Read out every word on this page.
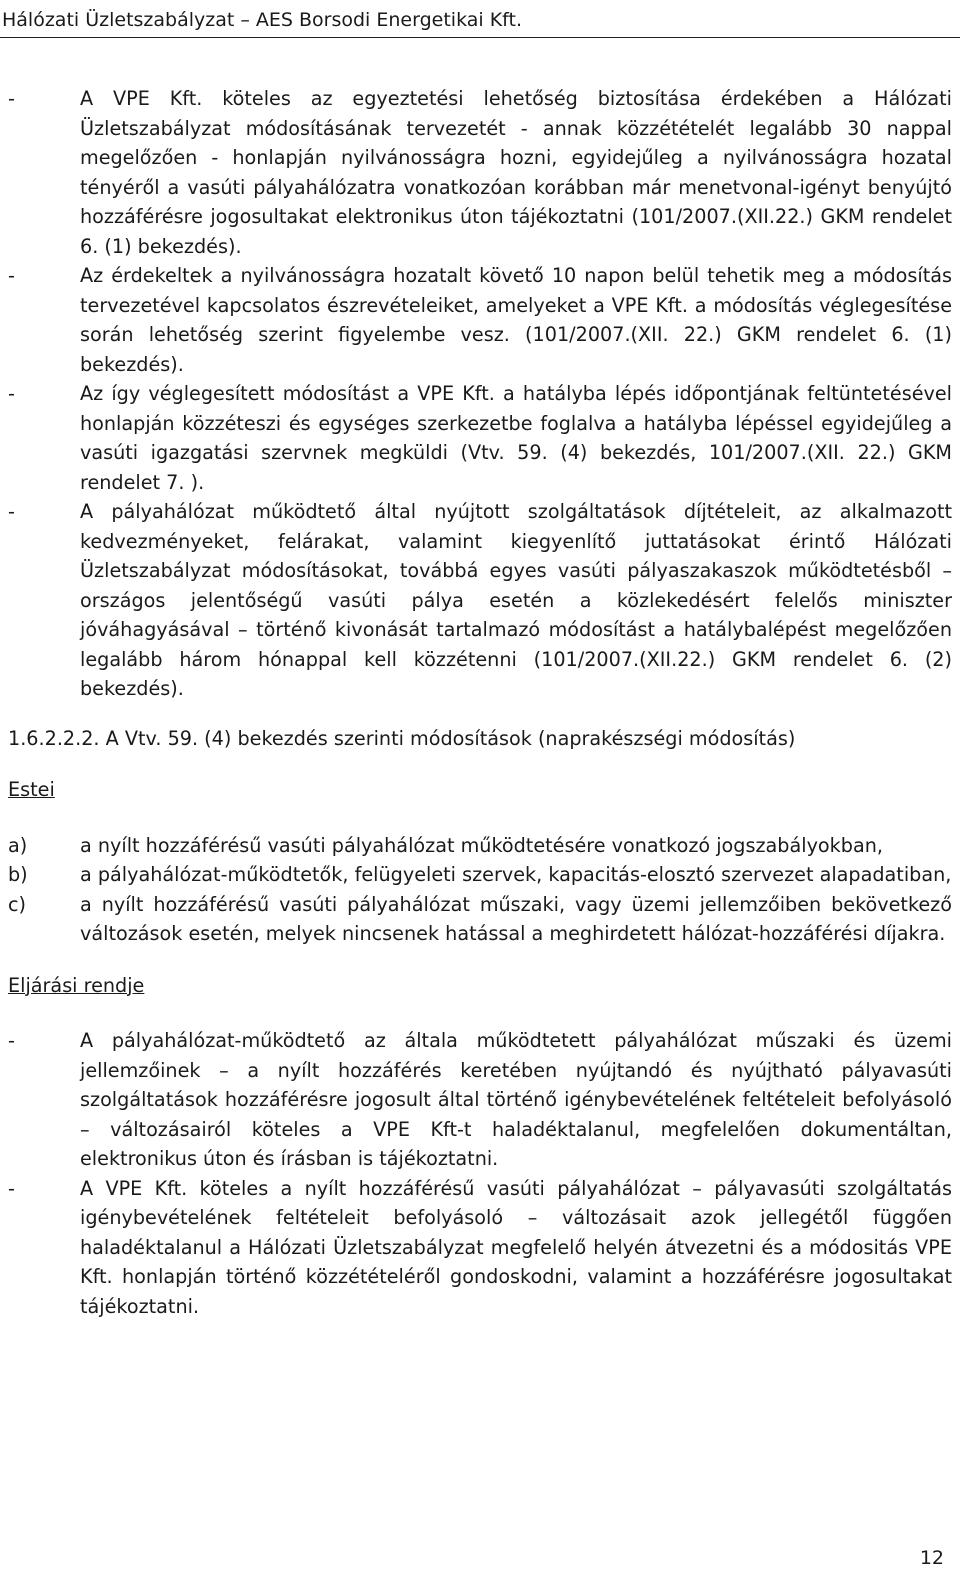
Hálózati Üzletszabályzat – AES Borsodi Energetikai Kft.
-	A VPE Kft. köteles az egyeztetési lehetőség biztosítása érdekében a Hálózati Üzletszabályzat módosításának tervezetét - annak közzétételét legalább 30 nappal megelőzően - honlapján nyilvánosságra hozni, egyidejűleg a nyilvánosságra hozatal tényéről a vasúti pályahálózatra vonatkozóan korábban már menetvonal-igényt benyújtó hozzáférésre jogosultakat elektronikus úton tájékoztatni (101/2007.(XII.22.) GKM rendelet 6. (1) bekezdés).
-	Az érdekeltek a nyilvánosságra hozatalt követő 10 napon belül tehetik meg a módosítás tervezetével kapcsolatos észrevételeiket, amelyeket a VPE Kft. a módosítás véglegesítése során lehetőség szerint figyelembe vesz. (101/2007.(XII. 22.) GKM rendelet 6. (1) bekezdés).
-	Az így véglegesített módosítást a VPE Kft. a hatályba lépés időpontjának feltüntetésével honlapján közzéteszi és egységes szerkezetbe foglalva a hatályba lépéssel egyidejűleg a vasúti igazgatási szervnek megküldi (Vtv. 59. (4) bekezdés, 101/2007.(XII. 22.) GKM rendelet 7. ).
-	A pályahálózat működtető által nyújtott szolgáltatások díjtételeit, az alkalmazott kedvezményeket, felárakat, valamint kiegyenlítő juttatásokat érintő Hálózati Üzletszabályzat módosításokat, továbbá egyes vasúti pályaszakaszok működtetésből – országos jelentőségű vasúti pálya esetén a közlekedésért felelős miniszter jóváhagyásával – történő kivonását tartalmazó módosítást a hatálybalépést megelőzően legalább három hónappal kell közzétenni (101/2007.(XII.22.) GKM rendelet 6. (2) bekezdés).
1.6.2.2.2. A Vtv. 59. (4) bekezdés szerinti módosítások (naprakészségi módosítás)
Estei
a)	a nyílt hozzáférésű vasúti pályahálózat működtetésére vonatkozó jogszabályokban,
b)	a pályahálózat-működtetők, felügyeleti szervek, kapacitás-elosztó szervezet alapadatiban,
c)	a nyílt hozzáférésű vasúti pályahálózat műszaki, vagy üzemi jellemzőiben bekövetkező változások esetén, melyek nincsenek hatással a meghirdetett hálózat-hozzáférési díjakra.
Eljárási rendje
-	A pályahálózat-működtető az általa működtetett pályahálózat műszaki és üzemi jellemzőinek – a nyílt hozzáférés keretében nyújtandó és nyújtható pályavasúti szolgáltatások hozzáférésre jogosult által történő igénybevételének feltételeit befolyásoló – változásairól köteles a VPE Kft-t haladéktalanul, megfelelően dokumentáltan, elektronikus úton és írásban is tájékoztatni.
-	A VPE Kft. köteles a nyílt hozzáférésű vasúti pályahálózat – pályavasúti szolgáltatás igénybevételének feltételeit befolyásoló – változásait azok jellegétől függően haladéktalanul a Hálózati Üzletszabályzat megfelelő helyén átvezetni és a módositás VPE Kft. honlapján történő közzétételéről gondoskodni, valamint a hozzáférésre jogosultakat tájékoztatni.
12
